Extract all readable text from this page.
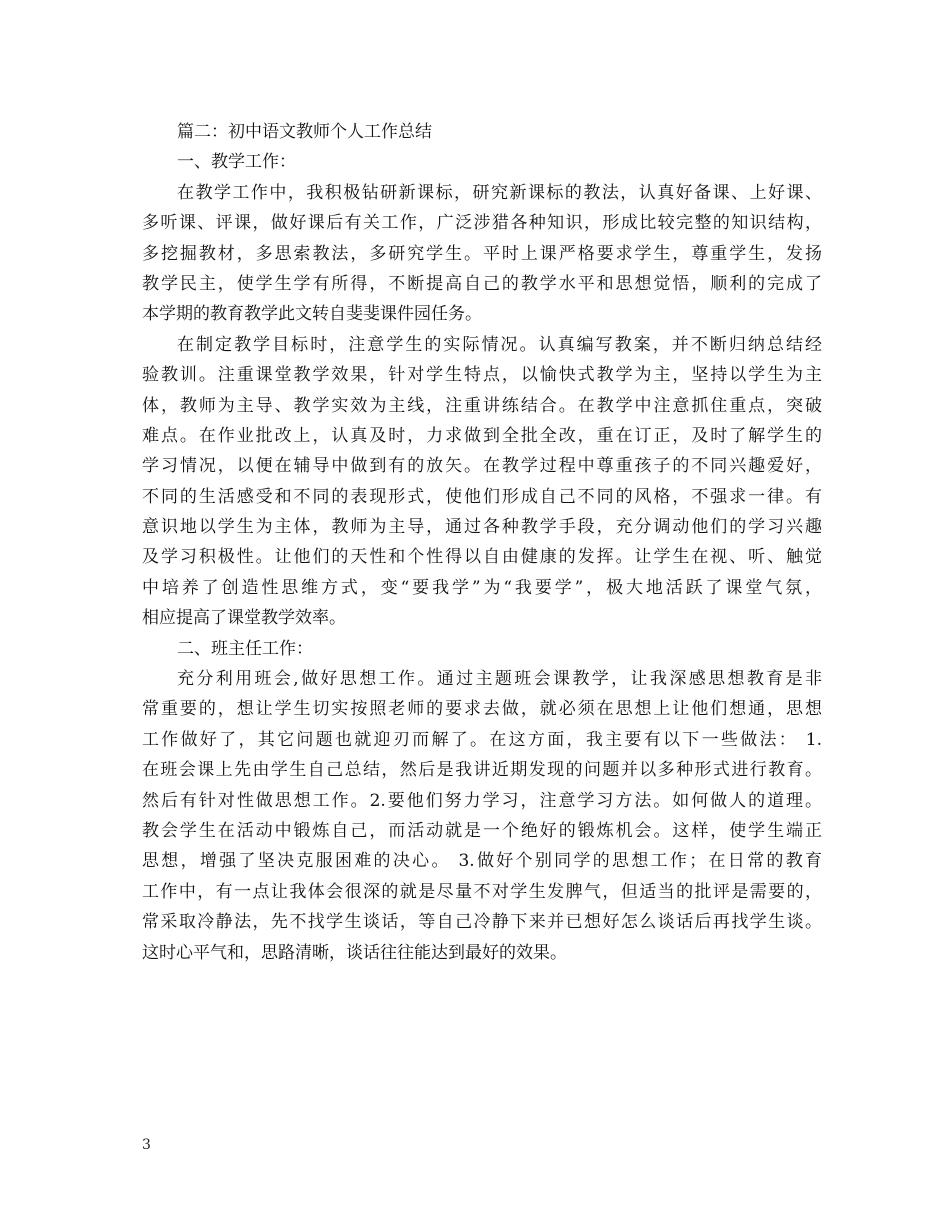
篇二：初中语文教师个人工作总结
一、教学工作：
在教学工作中，我积极钻研新课标，研究新课标的教法，认真好备课、上好课、
多听课、评课，做好课后有关工作，广泛涉猎各种知识，形成比较完整的知识结构，
多挖掘教材，多思索教法，多研究学生。平时上课严格要求学生，尊重学生，发扬
教学民主，使学生学有所得，不断提高自己的教学水平和思想觉悟，顺利的完成了
本学期的教育教学此文转自斐斐课件园任务。
在制定教学目标时，注意学生的实际情况。认真编写教案，并不断归纳总结经
验教训。注重课堂教学效果，针对学生特点，以愉快式教学为主，坚持以学生为主
体，教师为主导、教学实效为主线，注重讲练结合。在教学中注意抓住重点，突破
难点。在作业批改上，认真及时，力求做到全批全改，重在订正，及时了解学生的
学习情况，以便在辅导中做到有的放矢。在教学过程中尊重孩子的不同兴趣爱好，
不同的生活感受和不同的表现形式，使他们形成自己不同的风格，不强求一律。有
意识地以学生为主体，教师为主导，通过各种教学手段，充分调动他们的学习兴趣
及学习积极性。让他们的天性和个性得以自由健康的发挥。让学生在视、听、触觉
中培养了创造性思维方式，变“要我学”为“我要学”，极大地活跃了课堂气氛，
相应提高了课堂教学效率。
二、班主任工作：
充分利用班会,做好思想工作。通过主题班会课教学，让我深感思想教育是非
常重要的，想让学生切实按照老师的要求去做，就必须在思想上让他们想通，思想
工作做好了，其它问题也就迎刃而解了。在这方面，我主要有以下一些做法： 1.
在班会课上先由学生自己总结，然后是我讲近期发现的问题并以多种形式进行教育。
然后有针对性做思想工作。2.要他们努力学习，注意学习方法。如何做人的道理。
教会学生在活动中锻炼自己，而活动就是一个绝好的锻炼机会。这样，使学生端正
思想，增强了坚决克服困难的决心。 3.做好个别同学的思想工作；在日常的教育
工作中，有一点让我体会很深的就是尽量不对学生发脾气，但适当的批评是需要的，
常采取冷静法，先不找学生谈话，等自己冷静下来并已想好怎么谈话后再找学生谈。
这时心平气和，思路清晰，谈话往往能达到最好的效果。
3
